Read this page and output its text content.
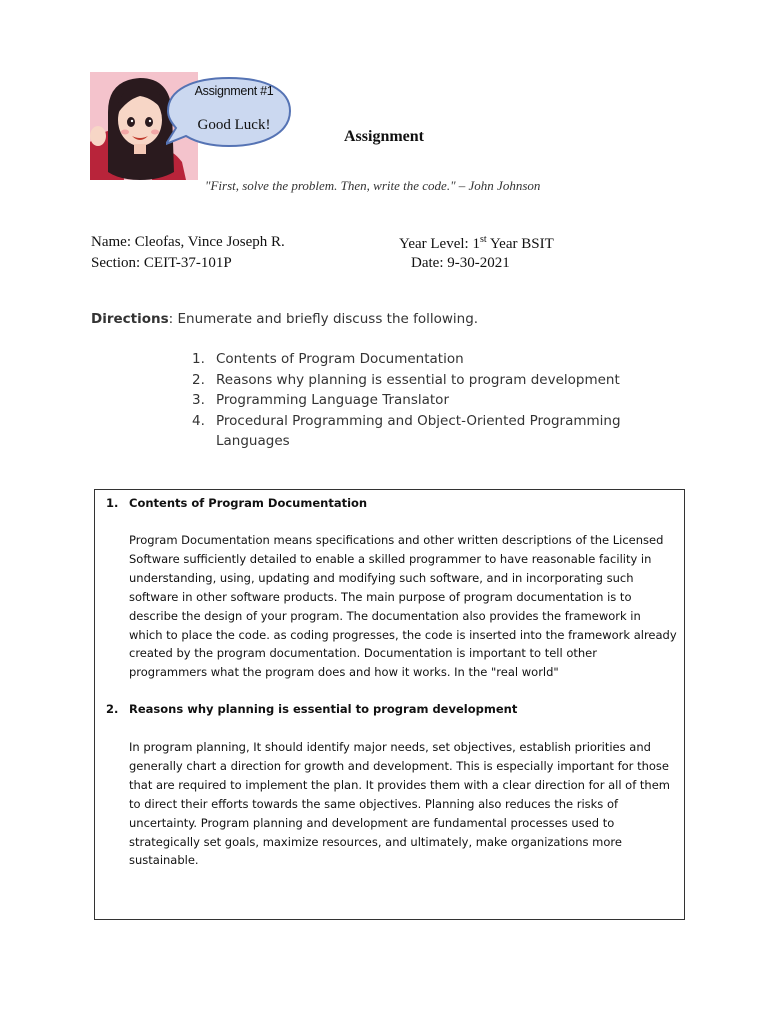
Assignment #1
Good Luck!
Assignment
"First, solve the problem. Then, write the code." – John Johnson
Name: Cleofas, Vince Joseph R.
Section: CEIT-37-101P
Year Level: 1st Year BSIT
Date: 9-30-2021
Directions: Enumerate and briefly discuss the following.
1. Contents of Program Documentation
2. Reasons why planning is essential to program development
3. Programming Language Translator
4. Procedural Programming and Object-Oriented Programming Languages
1. Contents of Program Documentation

Program Documentation means specifications and other written descriptions of the Licensed Software sufficiently detailed to enable a skilled programmer to have reasonable facility in understanding, using, updating and modifying such software, and in incorporating such software in other software products. The main purpose of program documentation is to describe the design of your program. The documentation also provides the framework in which to place the code. as coding progresses, the code is inserted into the framework already created by the program documentation. Documentation is important to tell other programmers what the program does and how it works. In the "real world"

2. Reasons why planning is essential to program development

In program planning, It should identify major needs, set objectives, establish priorities and generally chart a direction for growth and development. This is especially important for those that are required to implement the plan. It provides them with a clear direction for all of them to direct their efforts towards the same objectives. Planning also reduces the risks of uncertainty. Program planning and development are fundamental processes used to strategically set goals, maximize resources, and ultimately, make organizations more sustainable.
